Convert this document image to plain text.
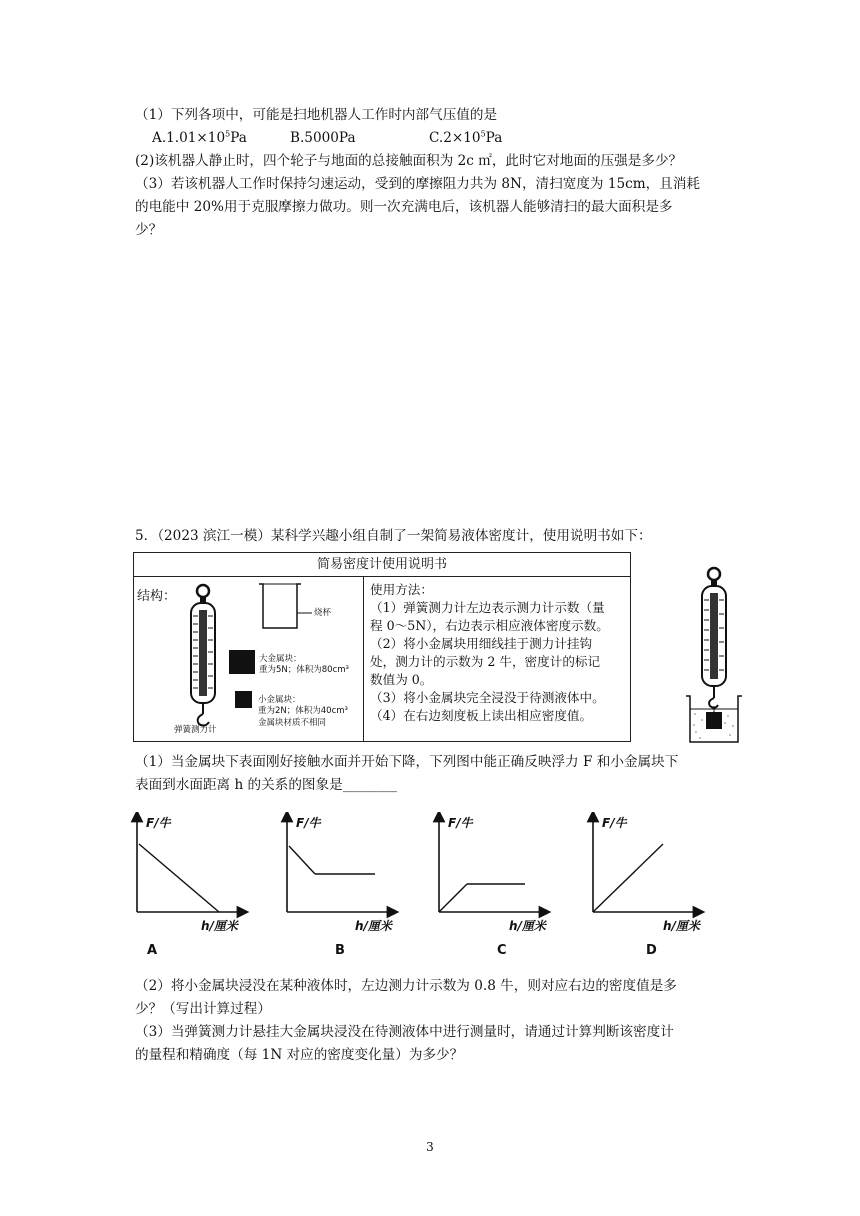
（1）下列各项中，可能是扫地机器人工作时内部气压值的是
$A.1.01\times 10^5Pa$	B.5000Pa	$C.2\times 10^5Pa$
(2)该机器人静止时，四个轮子与地面的总接触面积为 2c ㎡，此时它对地面的压强是多少？
（3）若该机器人工作时保持匀速运动，受到的摩擦阻力共为 8N，清扫宽度为 15cm，且消耗
的电能中 20%用于克服摩擦力做功。则一次充满电后，该机器人能够清扫的最大面积是多
少？
5．（2023 滨江一模）某科学兴趣小组自制了一架简易液体密度计，使用说明书如下：
简易密度计使用说明书
结构：
烧杯
大金属块：
重为5N；体积为80cm³
小金属块：
重为2N；体积为40cm³
金属块材质不相同
弹簧测力计
使用方法：
（1）弹簧测力计左边表示测力计示数（量
程 0～5N），右边表示相应液体密度示数。
（2）将小金属块用细线挂于测力计挂钩
处，测力计的示数为 2 牛，密度计的标记
数值为 0。
（3）将小金属块完全浸没于待测液体中。
（4）在右边刻度板上读出相应密度值。
（1）当金属块下表面刚好接触水面并开始下降，下列图中能正确反映浮力 F 和小金属块下
表面到水面距离 h 的关系的图象是________
F/牛
h/厘米
A
F/牛
h/厘米
B
F/牛
h/厘米
C
F/牛
h/厘米
D
（2）将小金属块浸没在某种液体时，左边测力计示数为 0.8 牛，则对应右边的密度值是多
少？（写出计算过程）
（3）当弹簧测力计悬挂大金属块浸没在待测液体中进行测量时，请通过计算判断该密度计
的量程和精确度（每 1N 对应的密度变化量）为多少？
3
